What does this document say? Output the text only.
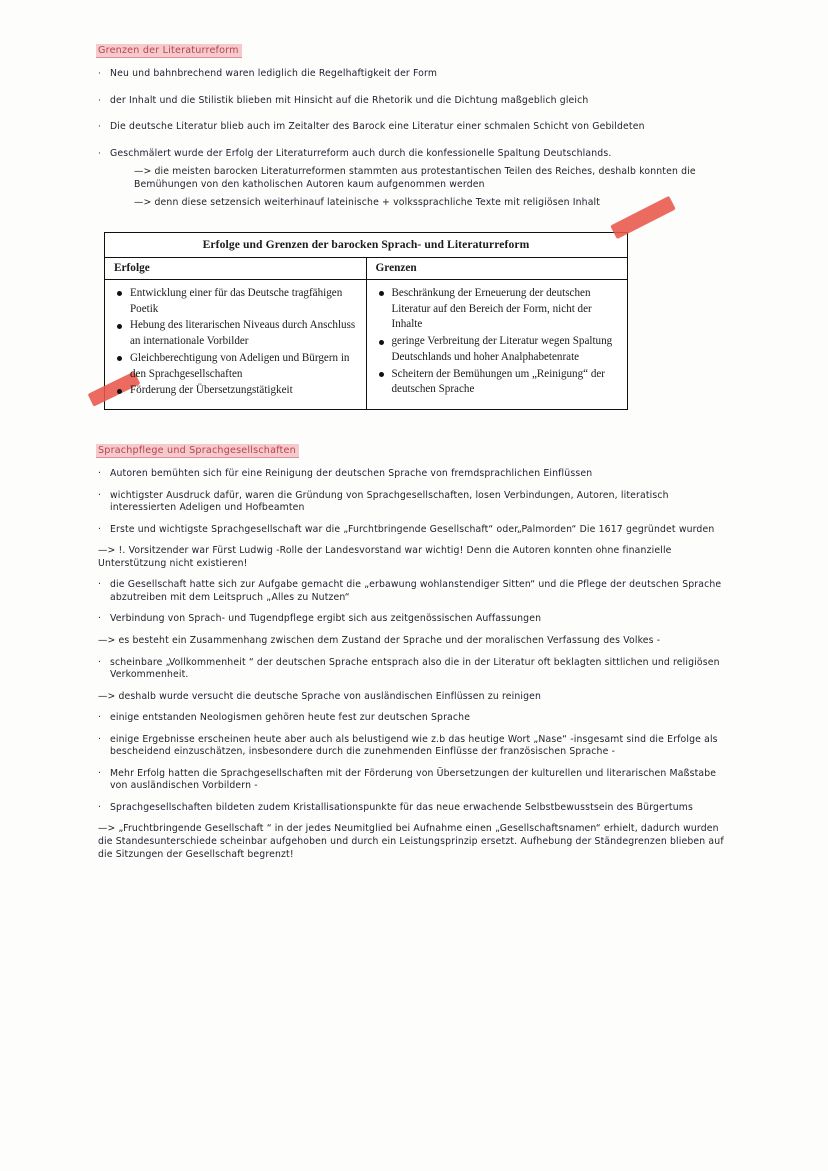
Grenzen der Literaturreform
· Neu und bahnbrechend waren lediglich die Regelhaftigkeit der Form
· der Inhalt und die Stilistik blieben mit Hinsicht auf die Rhetorik und die Dichtung maßgeblich gleich
· Die deutsche Literatur blieb auch im Zeitalter des Barock eine Literatur einer schmalen Schicht von Gebildeten
· Geschmälert wurde der Erfolg der Literaturreform auch durch die konfessionelle Spaltung Deutschlands.
—> die meisten barocken Literaturreformen stammten aus protestantischen Teilen des Reiches, deshalb konnten die Bemühungen von den katholischen Autoren kaum aufgenommen werden
—> denn diese setzensich weiterhinauf lateinische + volkssprachliche Texte mit religiösen Inhalt
Erfolge und Grenzen der barocken Sprach- und Literaturreform	
Erfolge	Grenzen

Entwicklung einer für das Deutsche tragfähigen Poetik
Hebung des literarischen Niveaus durch Anschluss an internationale Vorbilder
Gleichberechtigung von Adeligen und Bürgern in den Sprachgesellschaften
Förderung der Übersetzungstätigkeit

Beschränkung der Erneuerung der deutschen Literatur auf den Bereich der Form, nicht der Inhalte
geringe Verbreitung der Literatur wegen Spaltung Deutschlands und hoher Analphabetenrate
Scheitern der Bemühungen um „Reinigung“ der deutschen Sprache
Sprachpflege und Sprachgesellschaften
· Autoren bemühten sich für eine Reinigung der deutschen Sprache von fremdsprachlichen Einflüssen
· wichtigster Ausdruck dafür, waren die Gründung von Sprachgesellschaften, losen Verbindungen, Autoren, literatisch interessierten Adeligen und Hofbeamten
· Erste und wichtigste Sprachgesellschaft war die „Furchtbringende Gesellschaft“ oder„Palmorden“ Die 1617 gegründet wurden
—> !. Vorsitzender war Fürst Ludwig -Rolle der Landesvorstand war wichtig! Denn die Autoren konnten ohne finanzielle Unterstützung nicht existieren!
· die Gesellschaft hatte sich zur Aufgabe gemacht die „erbawung wohlanstendiger Sitten“ und die Pflege der deutschen Sprache abzutreiben mit dem Leitspruch „Alles zu Nutzen“
· Verbindung von Sprach- und Tugendpflege ergibt sich aus zeitgenössischen Auffassungen
—> es besteht ein Zusammenhang zwischen dem Zustand der Sprache und der moralischen Verfassung des Volkes -
· scheinbare „Vollkommenheit “ der deutschen Sprache entsprach also die in der Literatur oft beklagten sittlichen und religiösen Verkommenheit.
—> deshalb wurde versucht die deutsche Sprache von ausländischen Einflüssen zu reinigen
· einige entstanden Neologismen gehören heute fest zur deutschen Sprache
· einige Ergebnisse erscheinen heute aber auch als belustigend wie z.b das heutige Wort „Nase“ -insgesamt sind die Erfolge als bescheidend einzuschätzen, insbesondere durch die zunehmenden Einflüsse der französischen Sprache -
· Mehr Erfolg hatten die Sprachgesellschaften mit der Förderung von Übersetzungen der kulturellen und literarischen Maßstabe von ausländischen Vorbildern -
· Sprachgesellschaften bildeten zudem Kristallisationspunkte für das neue erwachende Selbstbewusstsein des Bürgertums
—> „Fruchtbringende Gesellschaft “ in der jedes Neumitglied bei Aufnahme einen „Gesellschaftsnamen“ erhielt, dadurch wurden die Standesunterschiede scheinbar aufgehoben und durch ein Leistungsprinzip ersetzt. Aufhebung der Ständegrenzen blieben auf die Sitzungen der Gesellschaft begrenzt!
